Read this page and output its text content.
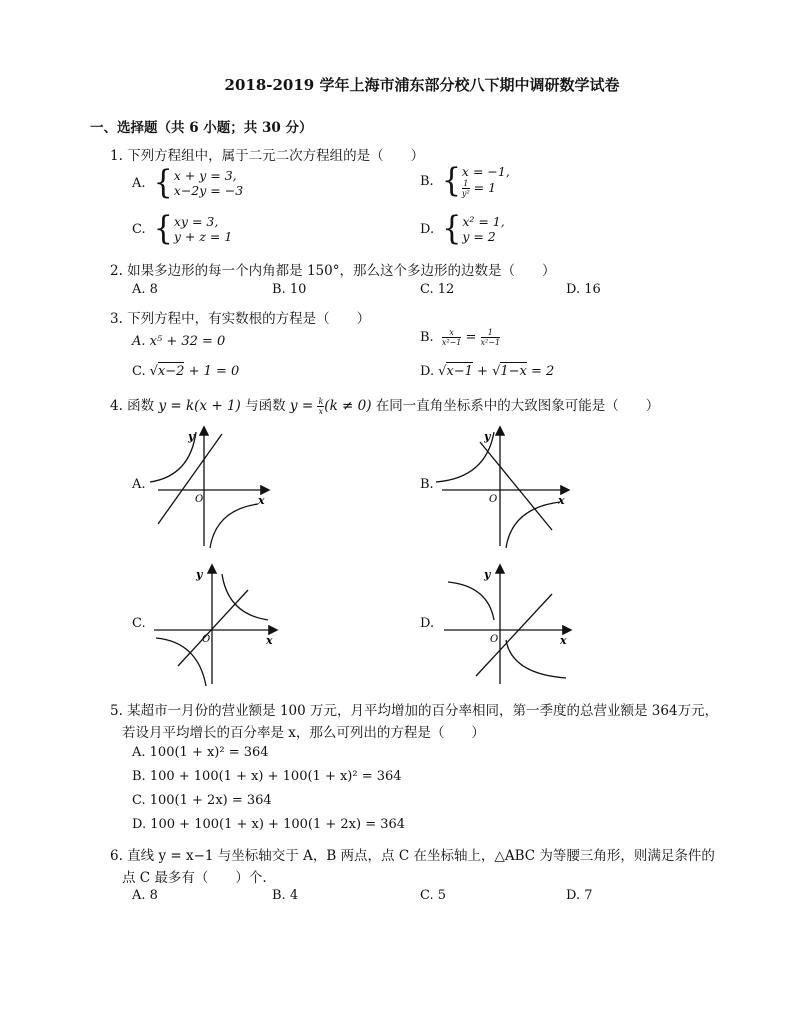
2018-2019 学年上海市浦东部分校八下期中调研数学试卷
一、选择题（共 6 小题；共 30 分）
1. 下列方程组中，属于二元二次方程组的是（　　）
A. {x + y = 3,
x−2y = −3
B. {x = −1,

$\frac{1}{\text{y²}} = 1$
C. {xy = 3,
y + z = 1	D. {x² = 1,
y = 2
2. 如果多边形的每一个内角都是 150°，那么这个多边形的边数是（　　）
A. 8	B. 10	C. 12	D. 16
3. 下列方程中，有实数根的方程是（　　）
A. x⁵ + 32 = 0	B. $\frac{x}{\text{x²−1}} = \frac{1}{\text{x²−1}}$
C. √x−2 + 1 = 0	D. √x−1 + √1−x = 2
4. 函数 y = k(x + 1) 与函数 $y = \frac{k}{x} (k \ne 0)$ 在同一直角坐标系中的大致图象可能是（　　）
A.	B.
C.	D.
y
x
O
y
x
O
y
x
O
y
x
O
5. 某超市一月份的营业额是 100 万元，月平均增加的百分率相同，第一季度的总营业额是 364万元，
若设月平均增长的百分率是 x，那么可列出的方程是（　　）
A. 100(1 + x)² = 364
B. 100 + 100(1 + x) + 100(1 + x)² = 364
C. 100(1 + 2x) = 364
D. 100 + 100(1 + x) + 100(1 + 2x) = 364
6. 直线 y = x−1 与坐标轴交于 A，B 两点，点 C 在坐标轴上，△ABC 为等腰三角形，则满足条件的
点 C 最多有（　　）个.
A. 8	B. 4	C. 5	D. 7
